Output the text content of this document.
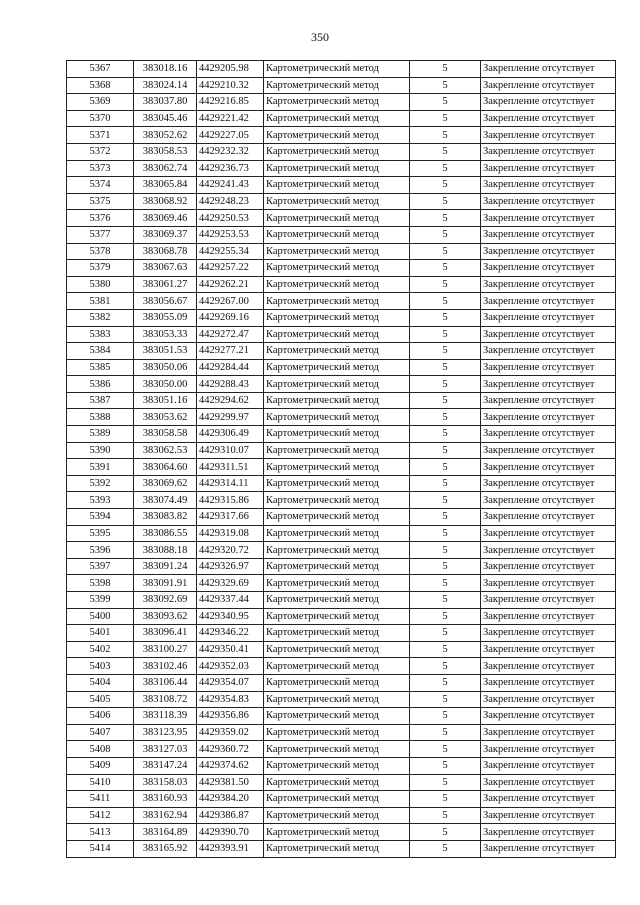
350
5367	383018.16	4429205.98	Картометрический метод	5	Закрепление отсутствует
5368	383024.14	4429210.32	Картометрический метод	5	Закрепление отсутствует
5369	383037.80	4429216.85	Картометрический метод	5	Закрепление отсутствует
5370	383045.46	4429221.42	Картометрический метод	5	Закрепление отсутствует
5371	383052.62	4429227.05	Картометрический метод	5	Закрепление отсутствует
5372	383058.53	4429232.32	Картометрический метод	5	Закрепление отсутствует
5373	383062.74	4429236.73	Картометрический метод	5	Закрепление отсутствует
5374	383065.84	4429241.43	Картометрический метод	5	Закрепление отсутствует
5375	383068.92	4429248.23	Картометрический метод	5	Закрепление отсутствует
5376	383069.46	4429250.53	Картометрический метод	5	Закрепление отсутствует
5377	383069.37	4429253.53	Картометрический метод	5	Закрепление отсутствует
5378	383068.78	4429255.34	Картометрический метод	5	Закрепление отсутствует
5379	383067.63	4429257.22	Картометрический метод	5	Закрепление отсутствует
5380	383061.27	4429262.21	Картометрический метод	5	Закрепление отсутствует
5381	383056.67	4429267.00	Картометрический метод	5	Закрепление отсутствует
5382	383055.09	4429269.16	Картометрический метод	5	Закрепление отсутствует
5383	383053.33	4429272.47	Картометрический метод	5	Закрепление отсутствует
5384	383051.53	4429277.21	Картометрический метод	5	Закрепление отсутствует
5385	383050.06	4429284.44	Картометрический метод	5	Закрепление отсутствует
5386	383050.00	4429288.43	Картометрический метод	5	Закрепление отсутствует
5387	383051.16	4429294.62	Картометрический метод	5	Закрепление отсутствует
5388	383053.62	4429299.97	Картометрический метод	5	Закрепление отсутствует
5389	383058.58	4429306.49	Картометрический метод	5	Закрепление отсутствует
5390	383062.53	4429310.07	Картометрический метод	5	Закрепление отсутствует
5391	383064.60	4429311.51	Картометрический метод	5	Закрепление отсутствует
5392	383069.62	4429314.11	Картометрический метод	5	Закрепление отсутствует
5393	383074.49	4429315.86	Картометрический метод	5	Закрепление отсутствует
5394	383083.82	4429317.66	Картометрический метод	5	Закрепление отсутствует
5395	383086.55	4429319.08	Картометрический метод	5	Закрепление отсутствует
5396	383088.18	4429320.72	Картометрический метод	5	Закрепление отсутствует
5397	383091.24	4429326.97	Картометрический метод	5	Закрепление отсутствует
5398	383091.91	4429329.69	Картометрический метод	5	Закрепление отсутствует
5399	383092.69	4429337.44	Картометрический метод	5	Закрепление отсутствует
5400	383093.62	4429340.95	Картометрический метод	5	Закрепление отсутствует
5401	383096.41	4429346.22	Картометрический метод	5	Закрепление отсутствует
5402	383100.27	4429350.41	Картометрический метод	5	Закрепление отсутствует
5403	383102.46	4429352.03	Картометрический метод	5	Закрепление отсутствует
5404	383106.44	4429354.07	Картометрический метод	5	Закрепление отсутствует
5405	383108.72	4429354.83	Картометрический метод	5	Закрепление отсутствует
5406	383118.39	4429356.86	Картометрический метод	5	Закрепление отсутствует
5407	383123.95	4429359.02	Картометрический метод	5	Закрепление отсутствует
5408	383127.03	4429360.72	Картометрический метод	5	Закрепление отсутствует
5409	383147.24	4429374.62	Картометрический метод	5	Закрепление отсутствует
5410	383158.03	4429381.50	Картометрический метод	5	Закрепление отсутствует
5411	383160.93	4429384.20	Картометрический метод	5	Закрепление отсутствует
5412	383162.94	4429386.87	Картометрический метод	5	Закрепление отсутствует
5413	383164.89	4429390.70	Картометрический метод	5	Закрепление отсутствует
5414	383165.92	4429393.91	Картометрический метод	5	Закрепление отсутствует
